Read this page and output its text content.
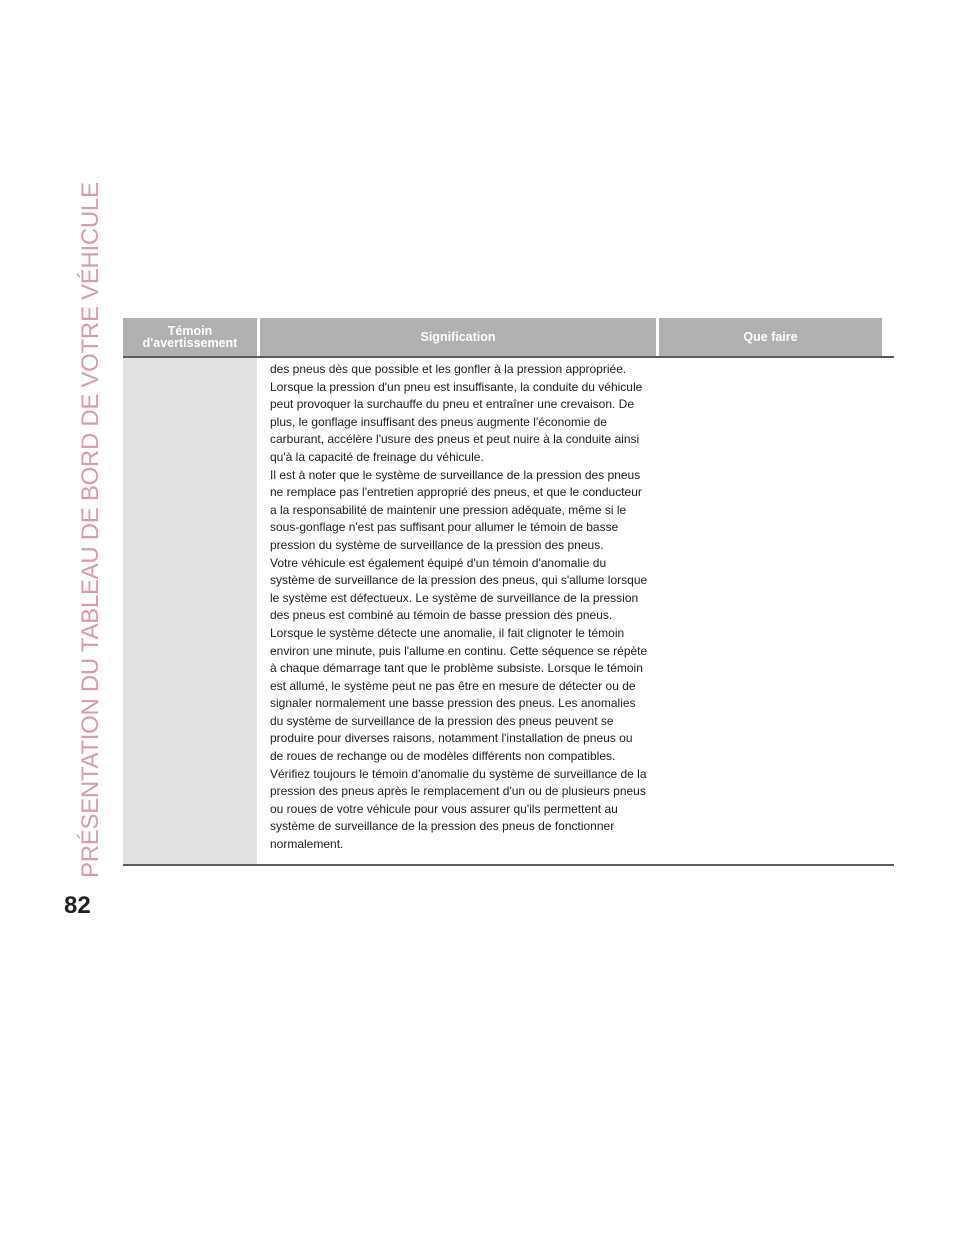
PRÉSENTATION DU TABLEAU DE BORD DE VOTRE VÉHICULE
82
Témoin
d'avertissement	Signification	Que faire

des pneus dès que possible et les gonfler à la pression appropriée.

Lorsque la pression d'un pneu est insuffisante, la conduite du véhicule

peut provoquer la surchauffe du pneu et entraîner une crevaison. De

plus, le gonflage insuffisant des pneus augmente l'économie de

carburant, accélère l'usure des pneus et peut nuire à la conduite ainsi

qu'à la capacité de freinage du véhicule.

Il est à noter que le système de surveillance de la pression des pneus

ne remplace pas l'entretien approprié des pneus, et que le conducteur

a la responsabilité de maintenir une pression adéquate, même si le

sous-gonflage n'est pas suffisant pour allumer le témoin de basse

pression du système de surveillance de la pression des pneus.

Votre véhicule est également équipé d'un témoin d'anomalie du

système de surveillance de la pression des pneus, qui s'allume lorsque

le système est défectueux. Le système de surveillance de la pression

des pneus est combiné au témoin de basse pression des pneus.

Lorsque le système détecte une anomalie, il fait clignoter le témoin

environ une minute, puis l'allume en continu. Cette séquence se répète

à chaque démarrage tant que le problème subsiste. Lorsque le témoin

est allumé, le système peut ne pas être en mesure de détecter ou de

signaler normalement une basse pression des pneus. Les anomalies

du système de surveillance de la pression des pneus peuvent se

produire pour diverses raisons, notamment l'installation de pneus ou

de roues de rechange ou de modèles différents non compatibles.

Vérifiez toujours le témoin d'anomalie du système de surveillance de la

pression des pneus après le remplacement d'un ou de plusieurs pneus

ou roues de votre véhicule pour vous assurer qu'ils permettent au

système de surveillance de la pression des pneus de fonctionner

normalement.
